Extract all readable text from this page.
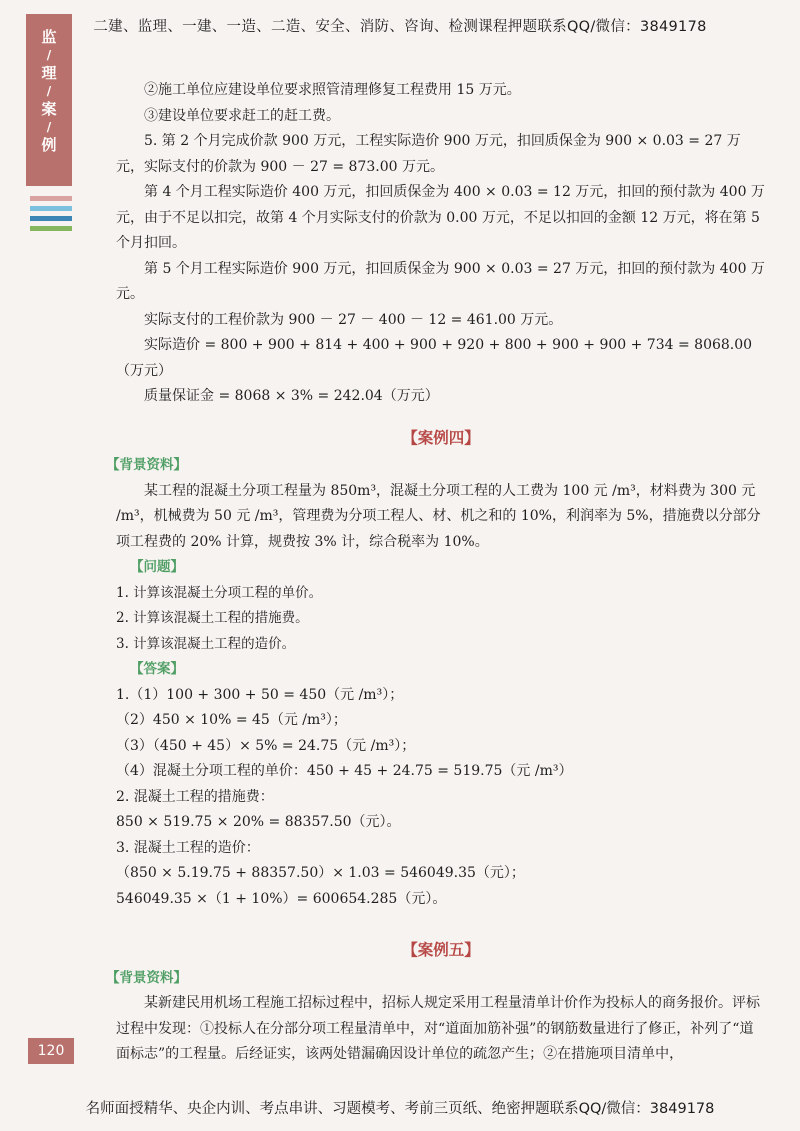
二建、监理、一建、一造、二造、安全、消防、咨询、检测课程押题联系QQ/微信：3849178
监

/
理

/
案

/
例

②施工单位应建设单位要求照管清理修复工程费用 15 万元。

③建设单位要求赶工的赶工费。

5. 第 2 个月完成价款 900 万元，工程实际造价 900 万元，扣回质保金为 900 × 0.03 = 27 万元，实际支付的价款为 900 － 27 = 873.00 万元。

第 4 个月工程实际造价 400 万元，扣回质保金为 400 × 0.03 = 12 万元，扣回的预付款为 400 万元，由于不足以扣完，故第 4 个月实际支付的价款为 0.00 万元，不足以扣回的金额 12 万元，将在第 5 个月扣回。

第 5 个月工程实际造价 900 万元，扣回质保金为 900 × 0.03 = 27 万元，扣回的预付款为 400 万元。

实际支付的工程价款为 900 － 27 － 400 － 12 = 461.00 万元。

实际造价 = 800 + 900 + 814 + 400 + 900 + 920 + 800 + 900 + 900 + 734 = 8068.00（万元）

质量保证金 = 8068 × 3% = 242.04（万元）

【案例四】
【背景资料】

某工程的混凝土分项工程量为 850m³，混凝土分项工程的人工费为 100 元 /m³，材料费为 300 元 /m³，机械费为 50 元 /m³，管理费为分项工程人、材、机之和的 10%，利润率为 5%，措施费以分部分项工程费的 20% 计算，规费按 3% 计，综合税率为 10%。

【问题】

1. 计算该混凝土分项工程的单价。

2. 计算该混凝土工程的措施费。

3. 计算该混凝土工程的造价。

【答案】

1.（1）100 + 300 + 50 = 450（元 /m³）；

（2）450 × 10% = 45（元 /m³）；

（3）（450 + 45）× 5% = 24.75（元 /m³）；

（4）混凝土分项工程的单价：450 + 45 + 24.75 = 519.75（元 /m³）

2. 混凝土工程的措施费：

850 × 519.75 × 20% = 88357.50（元）。

3. 混凝土工程的造价：

（850 × 5.19.75 + 88357.50）× 1.03 = 546049.35（元）；

546049.35 ×（1 + 10%）= 600654.285（元）。

【案例五】
【背景资料】

某新建民用机场工程施工招标过程中，招标人规定采用工程量清单计价作为投标人的商务报价。评标过程中发现：①投标人在分部分项工程量清单中，对“道面加筋补强”的钢筋数量进行了修正，补列了“道面标志”的工程量。后经证实，该两处错漏确因设计单位的疏忽产生；②在措施项目清单中，

120
名师面授精华、央企内训、考点串讲、习题模考、考前三页纸、绝密押题联系QQ/微信：3849178
